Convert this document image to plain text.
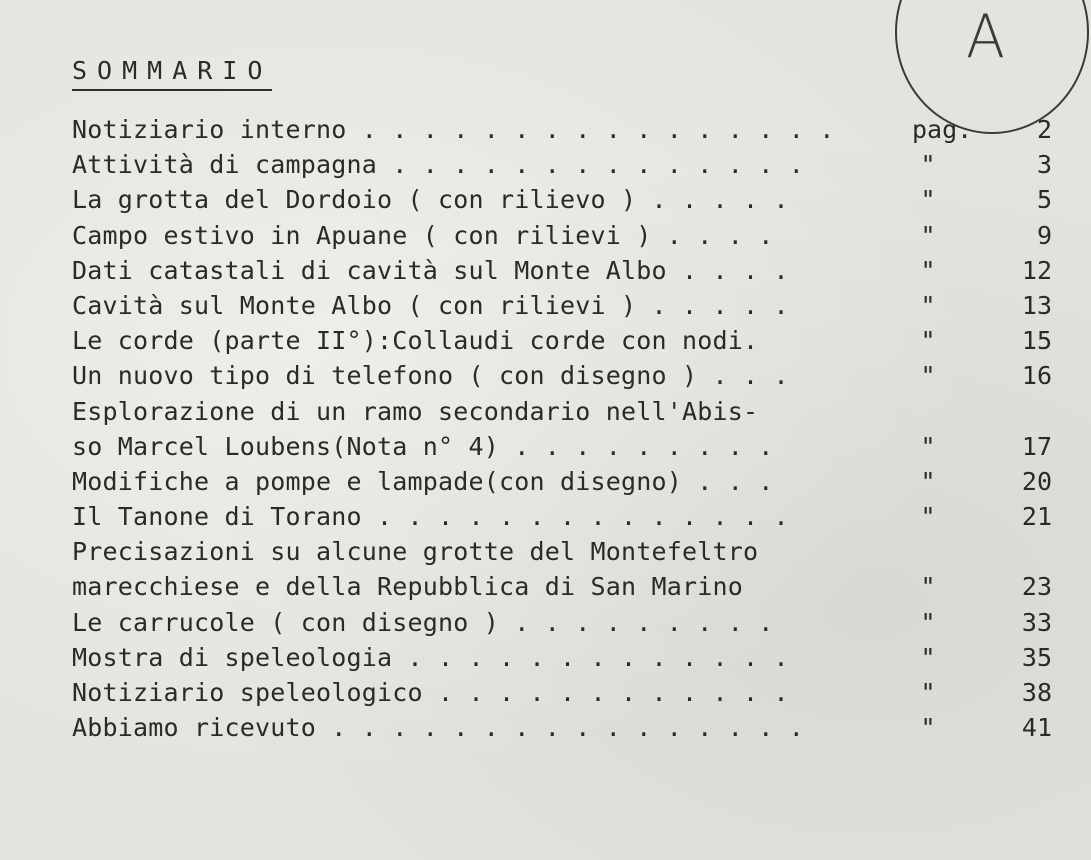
A
SOMMARIO
Notiziario interno . . . . . . . . . . . . . . . .	pag.	2
Attività di campagna . . . . . . . . . . . . . .	"	3
La grotta del Dordoio ( con rilievo ) . . . . .	"	5
Campo estivo in Apuane ( con rilievi ) . . . .	"	9
Dati catastali di cavità sul Monte Albo . . . .	"	12
Cavità sul Monte Albo ( con rilievi ) . . . . .	"	13
Le corde (parte II°):Collaudi corde con nodi.	"	15
Un nuovo tipo di telefono ( con disegno ) . . .	"	16
Esplorazione di un ramo secondario nell'Abis-
so Marcel Loubens(Nota n° 4) . . . . . . . . .	"	17
Modifiche a pompe e lampade(con disegno) . . .	"	20
Il Tanone di Torano . . . . . . . . . . . . . .	"	21
Precisazioni su alcune grotte del Montefeltro
marecchiese e della Repubblica di San Marino	"	23
Le carrucole ( con disegno ) . . . . . . . . .	"	33
Mostra di speleologia . . . . . . . . . . . . .	"	35
Notiziario speleologico . . . . . . . . . . . .	"	38
Abbiamo ricevuto . . . . . . . . . . . . . . . .	"	41
